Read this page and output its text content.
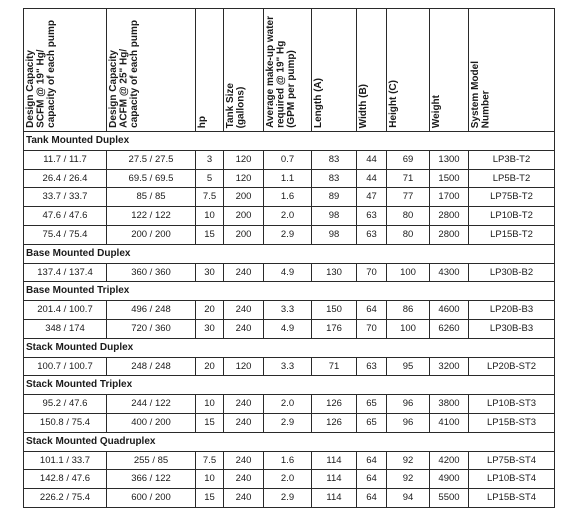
Design Capacity
SCFM @ 19" Hg/
capacity of each pump	Design Capacity
ACFM @ 25" Hg/
capacity of each pump	hp	Tank Size
(gallons)	Average make-up water
required @ 19" Hg
(GPM per pump)	Length (A)	Width (B)	Height (C)	Weight	System Model
Number

Tank Mounted Duplex									

11.7 / 11.7	27.5 / 27.5	3	120	0.7	83	44	69	1300	LP3B-T2

26.4 / 26.4	69.5 / 69.5	5	120	1.1	83	44	71	1500	LP5B-T2

33.7 / 33.7	85 / 85	7.5	200	1.6	89	47	77	1700	LP75B-T2

47.6 / 47.6	122 / 122	10	200	2.0	98	63	80	2800	LP10B-T2

75.4 / 75.4	200 / 200	15	200	2.9	98	63	80	2800	LP15B-T2

Base Mounted Duplex									

137.4 / 137.4	360 / 360	30	240	4.9	130	70	100	4300	LP30B-B2

Base Mounted Triplex									

201.4 / 100.7	496 / 248	20	240	3.3	150	64	86	4600	LP20B-B3

348 / 174	720 / 360	30	240	4.9	176	70	100	6260	LP30B-B3

Stack Mounted Duplex									

100.7 / 100.7	248 / 248	20	120	3.3	71	63	95	3200	LP20B-ST2

Stack Mounted Triplex									

95.2 / 47.6	244 / 122	10	240	2.0	126	65	96	3800	LP10B-ST3

150.8 / 75.4	400 / 200	15	240	2.9	126	65	96	4100	LP15B-ST3

Stack Mounted Quadruplex									

101.1 / 33.7	255 / 85	7.5	240	1.6	114	64	92	4200	LP75B-ST4

142.8 / 47.6	366 / 122	10	240	2.0	114	64	92	4900	LP10B-ST4

226.2 / 75.4	600 / 200	15	240	2.9	114	64	94	5500	LP15B-ST4
